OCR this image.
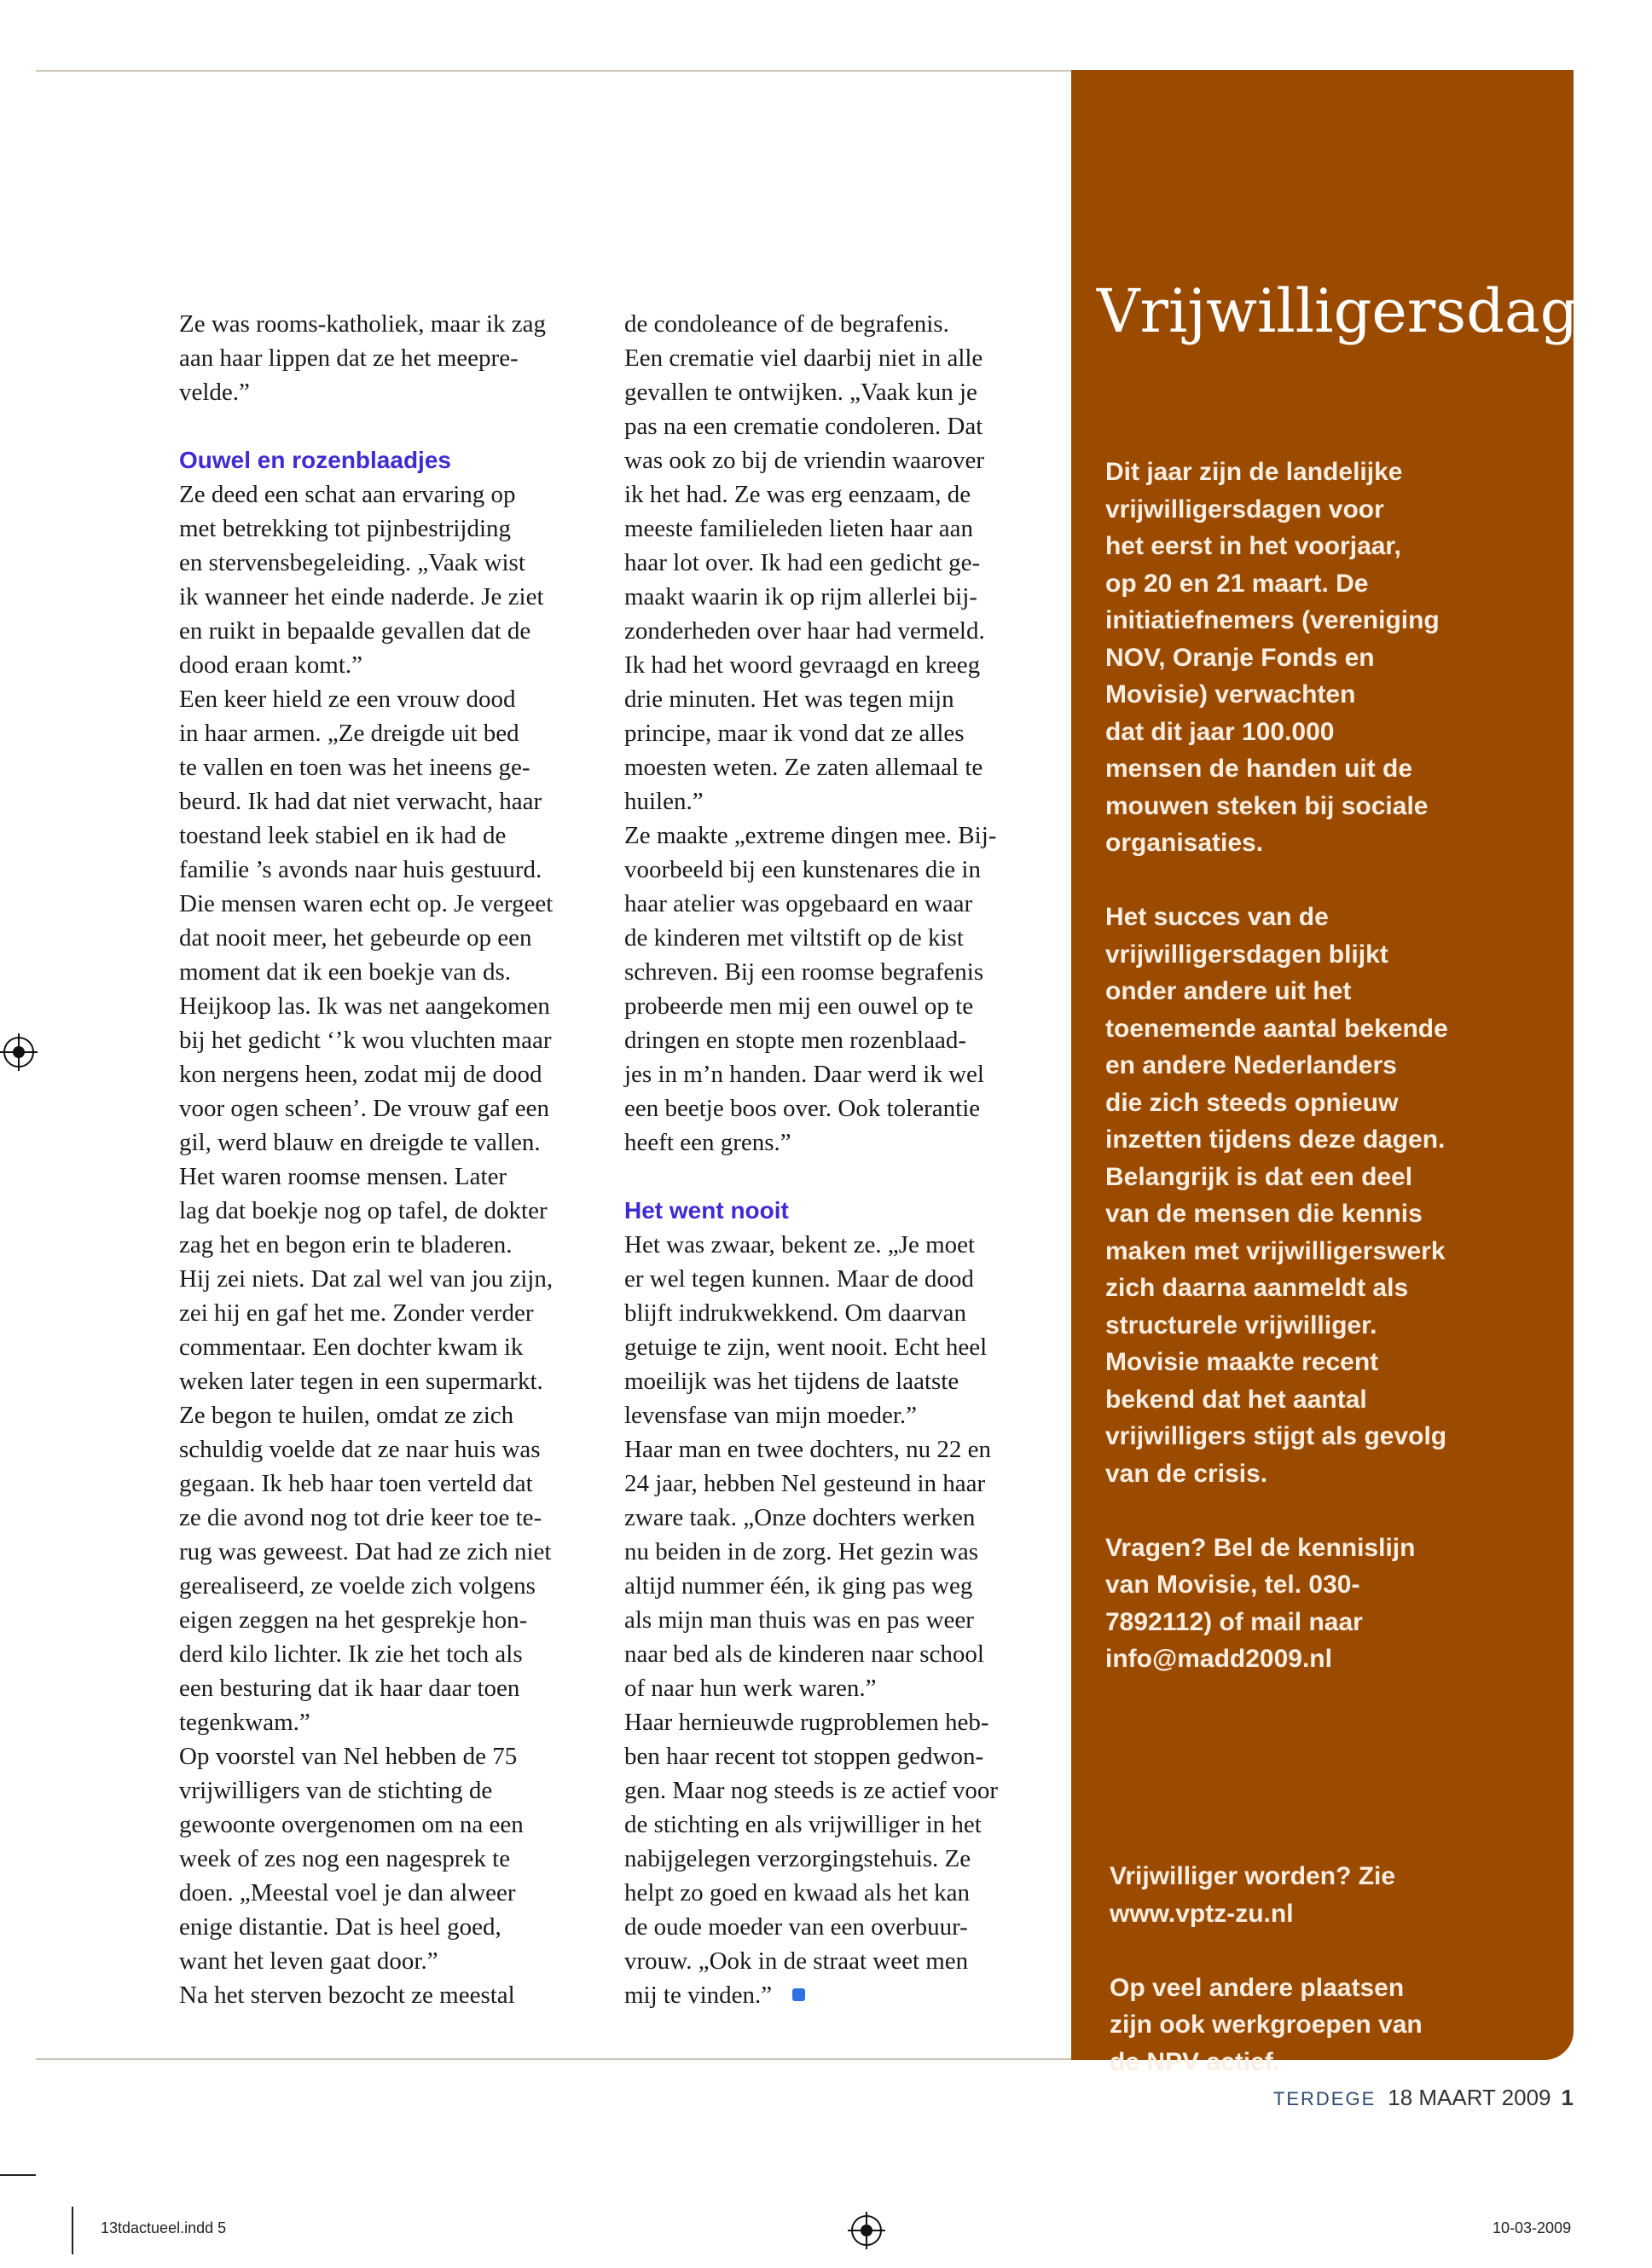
Ze was rooms-katholiek, maar ik zag
aan haar lippen dat ze het meepre-
velde.”
Ouwel en rozenblaadjes
Ze deed een schat aan ervaring op
met betrekking tot pijnbestrijding
en stervensbegeleiding. „Vaak wist
ik wanneer het einde naderde. Je ziet
en ruikt in bepaalde gevallen dat de
dood eraan komt.”
Een keer hield ze een vrouw dood
in haar armen. „Ze dreigde uit bed
te vallen en toen was het ineens ge-
beurd. Ik had dat niet verwacht, haar
toestand leek stabiel en ik had de
familie ’s avonds naar huis gestuurd.
Die mensen waren echt op. Je vergeet
dat nooit meer, het gebeurde op een
moment dat ik een boekje van ds.
Heijkoop las. Ik was net aangekomen
bij het gedicht ‘’k wou vluchten maar
kon nergens heen, zodat mij de dood
voor ogen scheen’. De vrouw gaf een
gil, werd blauw en dreigde te vallen.
Het waren roomse mensen. Later
lag dat boekje nog op tafel, de dokter
zag het en begon erin te bladeren.
Hij zei niets. Dat zal wel van jou zijn,
zei hij en gaf het me. Zonder verder
commentaar. Een dochter kwam ik
weken later tegen in een supermarkt.
Ze begon te huilen, omdat ze zich
schuldig voelde dat ze naar huis was
gegaan. Ik heb haar toen verteld dat
ze die avond nog tot drie keer toe te-
rug was geweest. Dat had ze zich niet
gerealiseerd, ze voelde zich volgens
eigen zeggen na het gesprekje hon-
derd kilo lichter. Ik zie het toch als
een besturing dat ik haar daar toen
tegenkwam.”
Op voorstel van Nel hebben de 75
vrijwilligers van de stichting de
gewoonte overgenomen om na een
week of zes nog een nagesprek te
doen. „Meestal voel je dan alweer
enige distantie. Dat is heel goed,
want het leven gaat door.”
Na het sterven bezocht ze meestal
de condoleance of de begrafenis.
Een crematie viel daarbij niet in alle
gevallen te ontwijken. „Vaak kun je
pas na een crematie condoleren. Dat
was ook zo bij de vriendin waarover
ik het had. Ze was erg eenzaam, de
meeste familieleden lieten haar aan
haar lot over. Ik had een gedicht ge-
maakt waarin ik op rijm allerlei bij-
zonderheden over haar had vermeld.
Ik had het woord gevraagd en kreeg
drie minuten. Het was tegen mijn
principe, maar ik vond dat ze alles
moesten weten. Ze zaten allemaal te
huilen.”
Ze maakte „extreme dingen mee. Bij-
voorbeeld bij een kunstenares die in
haar atelier was opgebaard en waar
de kinderen met viltstift op de kist
schreven. Bij een roomse begrafenis
probeerde men mij een ouwel op te
dringen en stopte men rozenblaad-
jes in m’n handen. Daar werd ik wel
een beetje boos over. Ook tolerantie
heeft een grens.”
Het went nooit
Het was zwaar, bekent ze. „Je moet
er wel tegen kunnen. Maar de dood
blijft indrukwekkend. Om daarvan
getuige te zijn, went nooit. Echt heel
moeilijk was het tijdens de laatste
levensfase van mijn moeder.”
Haar man en twee dochters, nu 22 en
24 jaar, hebben Nel gesteund in haar
zware taak. „Onze dochters werken
nu beiden in de zorg. Het gezin was
altijd nummer één, ik ging pas weg
als mijn man thuis was en pas weer
naar bed als de kinderen naar school
of naar hun werk waren.”
Haar hernieuwde rugproblemen heb-
ben haar recent tot stoppen gedwon-
gen. Maar nog steeds is ze actief voor
de stichting en als vrijwilliger in het
nabijgelegen verzorgingstehuis. Ze
helpt zo goed en kwaad als het kan
de oude moeder van een overbuur-
vrouw. „Ook in de straat weet men
mij te vinden.”
Vrijwilligersdagen

Dit jaar zijn de landelijke
vrijwilligersdagen voor
het eerst in het voorjaar,
op 20 en 21 maart. De
initiatiefnemers (vereniging
NOV, Oranje Fonds en
Movisie) verwachten
dat dit jaar 100.000
mensen de handen uit de
mouwen steken bij sociale
organisaties.

Het succes van de
vrijwilligersdagen blijkt
onder andere uit het
toenemende aantal bekende
en andere Nederlanders
die zich steeds opnieuw
inzetten tijdens deze dagen.
Belangrijk is dat een deel
van de mensen die kennis
maken met vrijwilligerswerk
zich daarna aanmeldt als
structurele vrijwilliger.
Movisie maakte recent
bekend dat het aantal
vrijwilligers stijgt als gevolg
van de crisis.

Vragen? Bel de kennislijn
van Movisie, tel. 030-
7892112) of mail naar
info@madd2009.nl

Vrijwilliger worden? Zie
www.vptz-zu.nl

Op veel andere plaatsen
zijn ook werkgroepen van
de NPV actief.

TERDEGE 18 MAART 2009 1
13tdactueel.indd 5	10-03-2009
